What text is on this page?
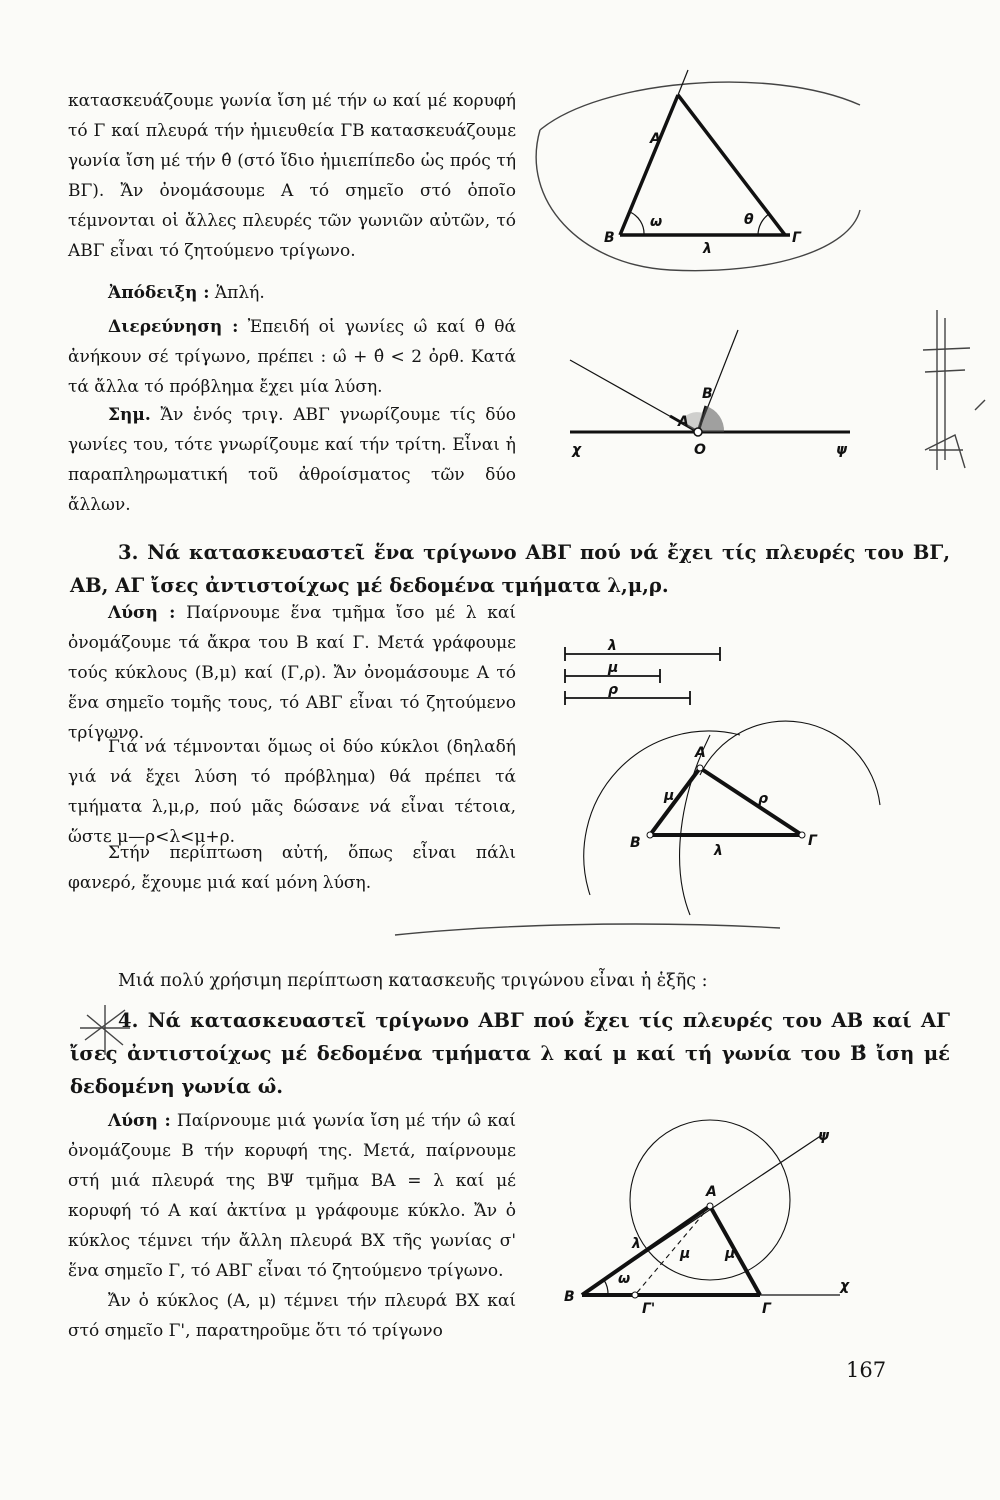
κατασκευάζουμε γωνία ἴση μέ τήν ω καί μέ κορυφή τό Γ καί πλευρά τήν ἡμιευθεία ΓΒ κατασκευάζουμε γωνία ἴση μέ τήν θ̂ (στό ἴδιο ἡμιεπίπεδο ὡς πρός τή ΒΓ). Ἄν ὀνομάσουμε Α τό σημεῖο στό ὁποῖο τέμνονται οἱ ἄλλες πλευρές τῶν γωνιῶν αὐτῶν, τό ΑΒΓ εἶναι τό ζητούμενο τρίγωνο.

Ἀπόδειξη : Ἁπλή.

Διερεύνηση : Ἐπειδή οἱ γωνίες ω̂ καί θ̂ θά ἀνήκουν σέ τρίγωνο, πρέπει : ω̂ + θ̂ < 2 ὀρθ. Κατά τά ἄλλα τό πρόβλημα ἔχει μία λύση.

Σημ. Ἄν ἑνός τριγ. ΑΒΓ γνωρίζουμε τίς δύο γωνίες του, τότε γνωρίζουμε καί τήν τρίτη. Εἶναι ἡ παραπληρωματική τοῦ ἀθροίσματος τῶν δύο ἄλλων.

3. Νά κατασκευαστεῖ ἕνα τρίγωνο ΑΒΓ πού νά ἔχει τίς πλευρές του ΒΓ, ΑΒ, ΑΓ ἴσες ἀντιστοίχως μέ δεδομένα τμήματα λ,μ,ρ.

Λύση : Παίρνουμε ἕνα τμῆμα ἴσο μέ λ καί ὀνομάζουμε τά ἄκρα του Β καί Γ. Μετά γράφουμε τούς κύκλους (Β,μ) καί (Γ,ρ). Ἄν ὀνομάσουμε Α τό ἕνα σημεῖο τομῆς τους, τό ΑΒΓ εἶναι τό ζητούμενο τρίγωνο.

Γιά νά τέμνονται ὅμως οἱ δύο κύκλοι (δηλαδή γιά νά ἔχει λύση τό πρόβλημα) θά πρέπει τά τμήματα λ,μ,ρ, πού μᾶς δώσανε νά εἶναι τέτοια, ὥστε μ—ρ<λ<μ+ρ.

Στήν περίπτωση αὐτή, ὅπως εἶναι πάλι φανερό, ἔχουμε μιά καί μόνη λύση.

Μιά πολύ χρήσιμη περίπτωση κατασκευῆς τριγώνου εἶναι ἡ ἑξῆς :
4. Νά κατασκευαστεῖ τρίγωνο ΑΒΓ πού ἔχει τίς πλευρές του ΑΒ καί ΑΓ ἴσες ἀντιστοίχως μέ δεδομένα τμήματα λ καί μ καί τή γωνία του Β̂ ἴση μέ δεδομένη γωνία ω̂.

Λύση : Παίρνουμε μιά γωνία ἴση μέ τήν ω̂ καί ὀνομάζουμε Β τήν κορυφή της. Μετά, παίρνουμε στή μιά πλευρά της ΒΨ τμῆμα ΒΑ = λ καί μέ κορυφή τό Α καί ἀκτίνα μ γράφουμε κύκλο. Ἄν ὁ κύκλος τέμνει τήν ἄλλη πλευρά ΒΧ τῆς γωνίας σ' ἕνα σημεῖο Γ, τό ΑΒΓ εἶναι τό ζητούμενο τρίγωνο.

Ἄν ὁ κύκλος (Α, μ) τέμνει τήν πλευρά ΒΧ καί στό σημεῖο Γ', παρατηροῦμε ὅτι τό τρίγωνο

167
Α
Β	Γ
ω	θ
λ
Β
Α
Ο
χ	ψ
λ
μ
ρ
Α
Β	Γ
μ	ρ
λ
Α
Β
Γ
Γ'
ω
λ
μ μ
χ
ψ
